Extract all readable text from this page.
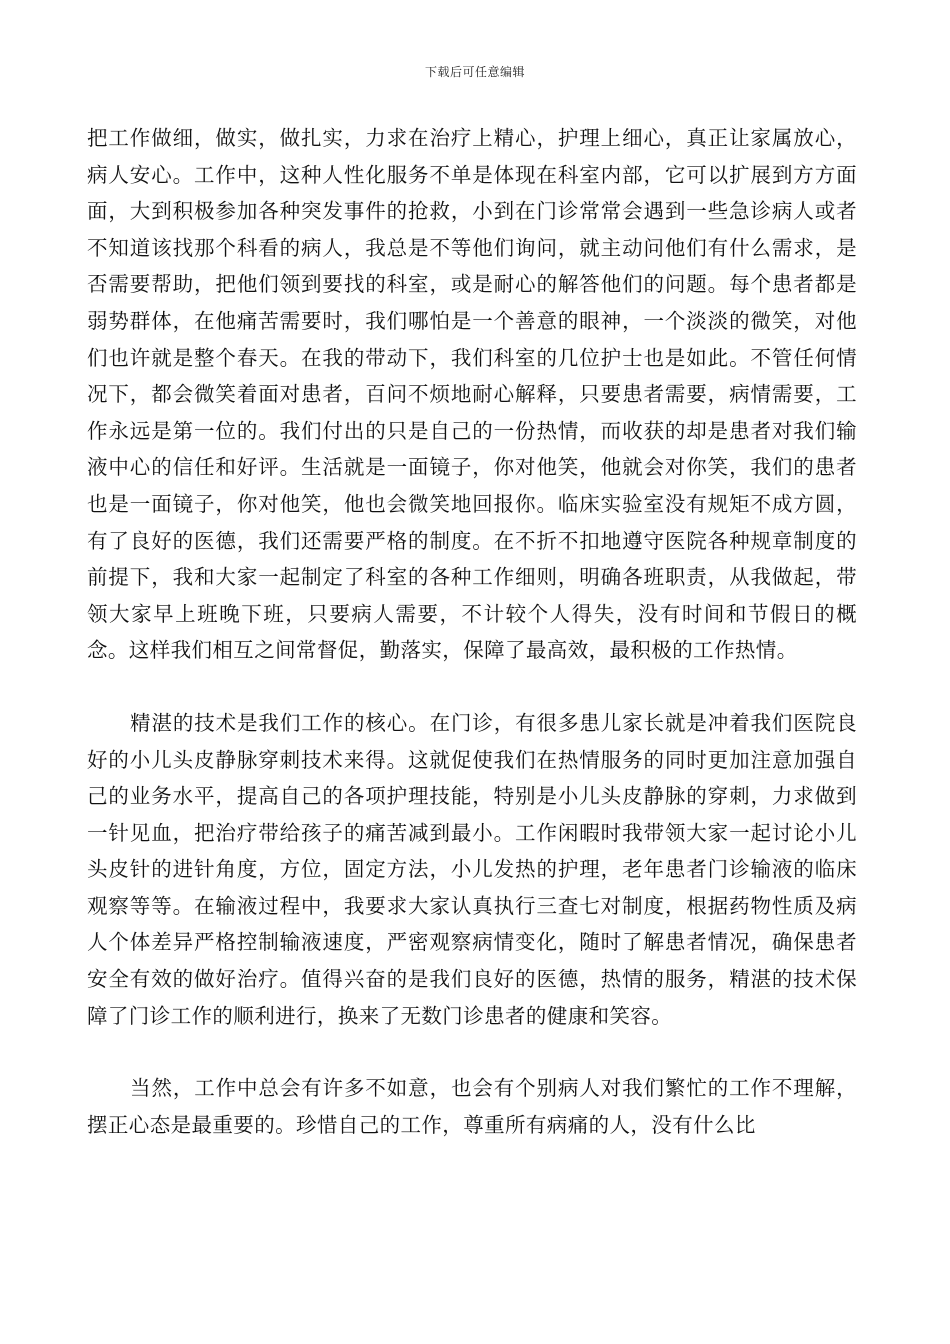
下载后可任意编辑

把工作做细，做实，做扎实，力求在治疗上精心，护理上细心，真正让家属放心，病人安心。工作中，这种人性化服务不单是体现在科室内部，它可以扩展到方方面面，大到积极参加各种突发事件的抢救，小到在门诊常常会遇到一些急诊病人或者不知道该找那个科看的病人，我总是不等他们询问，就主动问他们有什么需求，是否需要帮助，把他们领到要找的科室，或是耐心的解答他们的问题。每个患者都是弱势群体，在他痛苦需要时，我们哪怕是一个善意的眼神，一个淡淡的微笑，对他们也许就是整个春天。在我的带动下，我们科室的几位护士也是如此。不管任何情况下，都会微笑着面对患者，百问不烦地耐心解释，只要患者需要，病情需要，工作永远是第一位的。我们付出的只是自己的一份热情，而收获的却是患者对我们输液中心的信任和好评。生活就是一面镜子，你对他笑，他就会对你笑，我们的患者也是一面镜子，你对他笑，他也会微笑地回报你。临床实验室没有规矩不成方圆，有了良好的医德，我们还需要严格的制度。在不折不扣地遵守医院各种规章制度的前提下，我和大家一起制定了科室的各种工作细则，明确各班职责，从我做起，带领大家早上班晚下班，只要病人需要，不计较个人得失，没有时间和节假日的概念。这样我们相互之间常督促，勤落实，保障了最高效，最积极的工作热情。

精湛的技术是我们工作的核心。在门诊，有很多患儿家长就是冲着我们医院良好的小儿头皮静脉穿刺技术来得。这就促使我们在热情服务的同时更加注意加强自己的业务水平，提高自己的各项护理技能，特别是小儿头皮静脉的穿刺，力求做到一针见血，把治疗带给孩子的痛苦减到最小。工作闲暇时我带领大家一起讨论小儿头皮针的进针角度，方位，固定方法，小儿发热的护理，老年患者门诊输液的临床观察等等。在输液过程中，我要求大家认真执行三查七对制度，根据药物性质及病人个体差异严格控制输液速度，严密观察病情变化，随时了解患者情况，确保患者安全有效的做好治疗。值得兴奋的是我们良好的医德，热情的服务，精湛的技术保障了门诊工作的顺利进行，换来了无数门诊患者的健康和笑容。

当然，工作中总会有许多不如意，也会有个别病人对我们繁忙的工作不理解，摆正心态是最重要的。珍惜自己的工作，尊重所有病痛的人，没有什么比
